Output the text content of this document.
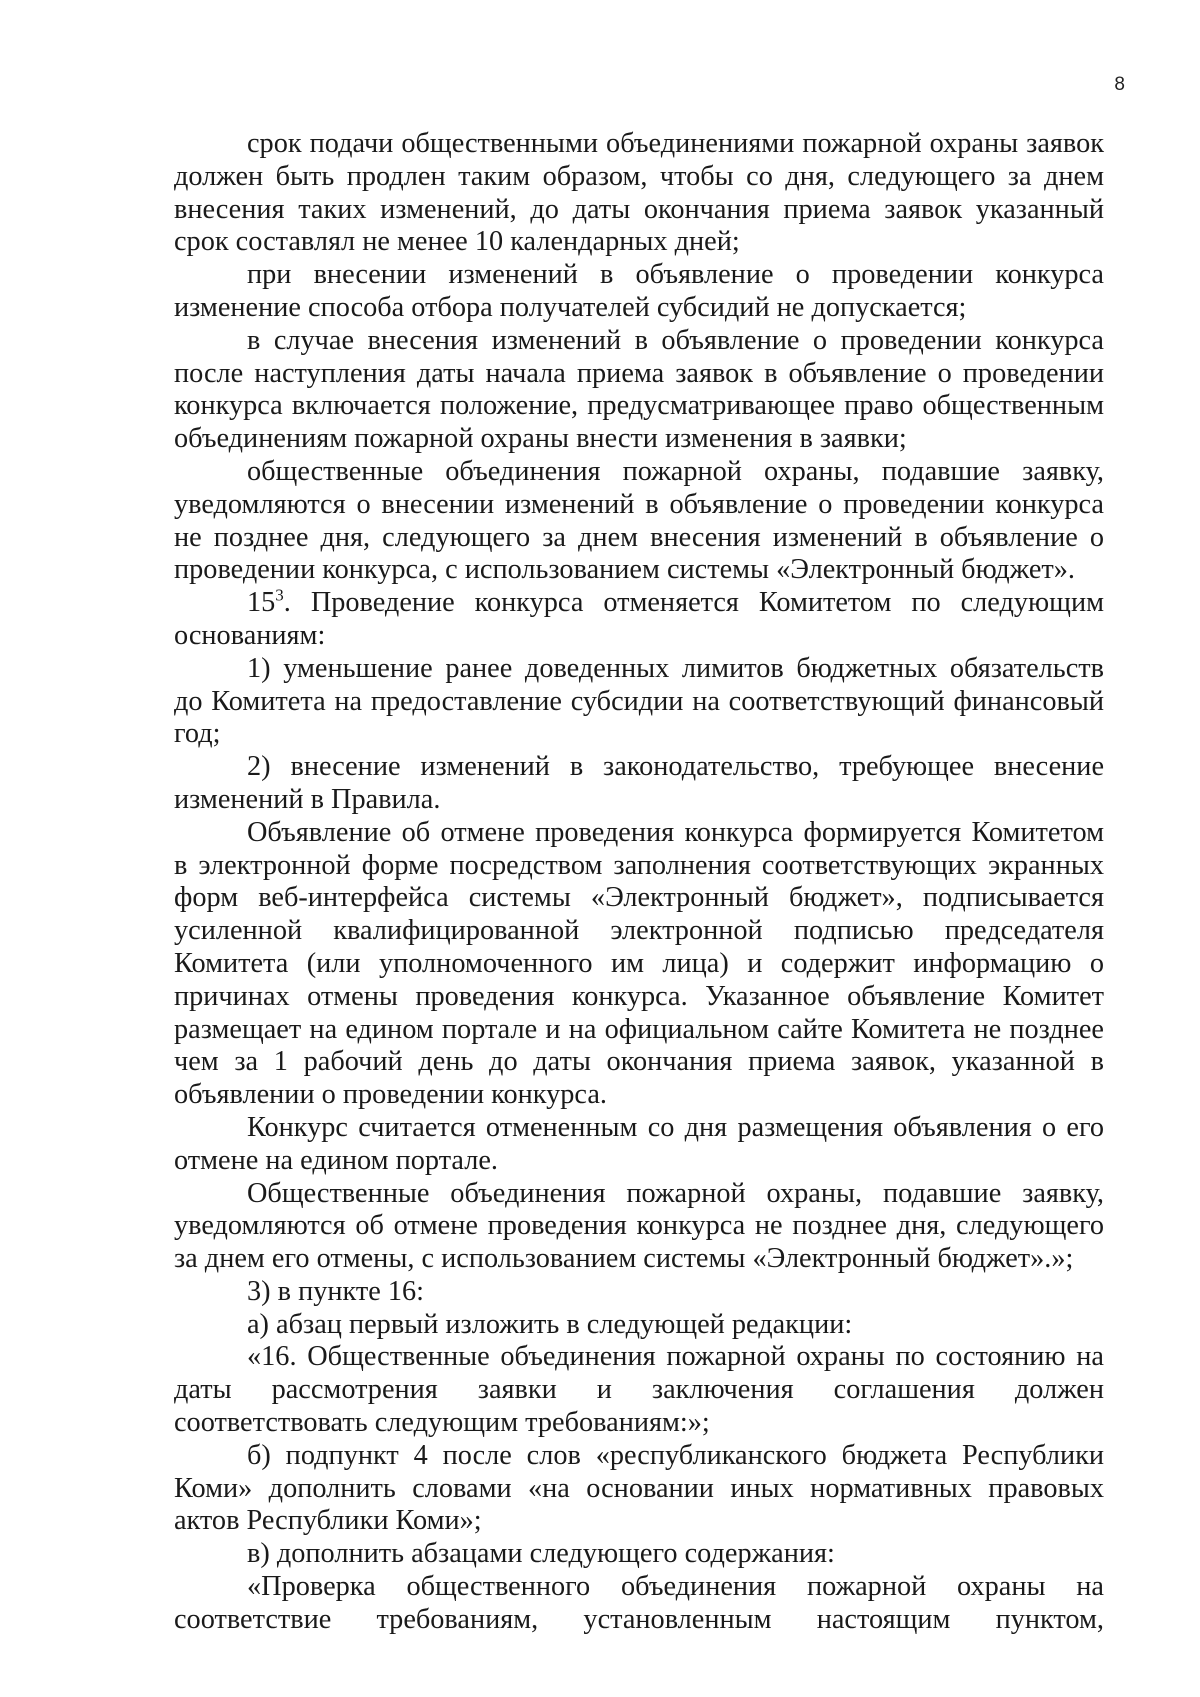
8

срок подачи общественными объединениями пожарной охраны заявок должен быть продлен таким образом, чтобы со дня, следующего за днем внесения таких изменений, до даты окончания приема заявок указанный срок составлял не менее 10 календарных дней;

при внесении изменений в объявление о проведении конкурса изменение способа отбора получателей субсидий не допускается;

в случае внесения изменений в объявление о проведении конкурса после наступления даты начала приема заявок в объявление о проведении конкурса включается положение, предусматривающее право общественным объединениям пожарной охраны внести изменения в заявки;

общественные объединения пожарной охраны, подавшие заявку, уведомляются о внесении изменений в объявление о проведении конкурса не позднее дня, следующего за днем внесения изменений в объявление о проведении конкурса, с использованием системы «Электронный бюджет».

$15^3$. Проведение конкурса отменяется Комитетом по следующим основаниям:

1) уменьшение ранее доведенных лимитов бюджетных обязательств до Комитета на предоставление субсидии на соответствующий финансовый год;

2) внесение изменений в законодательство, требующее внесение изменений в Правила.

Объявление об отмене проведения конкурса формируется Комитетом в электронной форме посредством заполнения соответствующих экранных форм веб-интерфейса системы «Электронный бюджет», подписывается усиленной квалифицированной электронной подписью председателя Комитета (или уполномоченного им лица) и содержит информацию о причинах отмены проведения конкурса. Указанное объявление Комитет размещает на едином портале и на официальном сайте Комитета не позднее чем за 1 рабочий день до даты окончания приема заявок, указанной в объявлении о проведении конкурса.

Конкурс считается отмененным со дня размещения объявления о его отмене на едином портале.

Общественные объединения пожарной охраны, подавшие заявку, уведомляются об отмене проведения конкурса не позднее дня, следующего за днем его отмены, с использованием системы «Электронный бюджет».»;

3) в пункте 16:

а) абзац первый изложить в следующей редакции:

«16. Общественные объединения пожарной охраны по состоянию на даты рассмотрения заявки и заключения соглашения должен соответствовать следующим требованиям:»;

б) подпункт 4 после слов «республиканского бюджета Республики Коми» дополнить словами «на основании иных нормативных правовых актов Республики Коми»;

в) дополнить абзацами следующего содержания:

«Проверка общественного объединения пожарной охраны на соответствие требованиям, установленным настоящим пунктом,
